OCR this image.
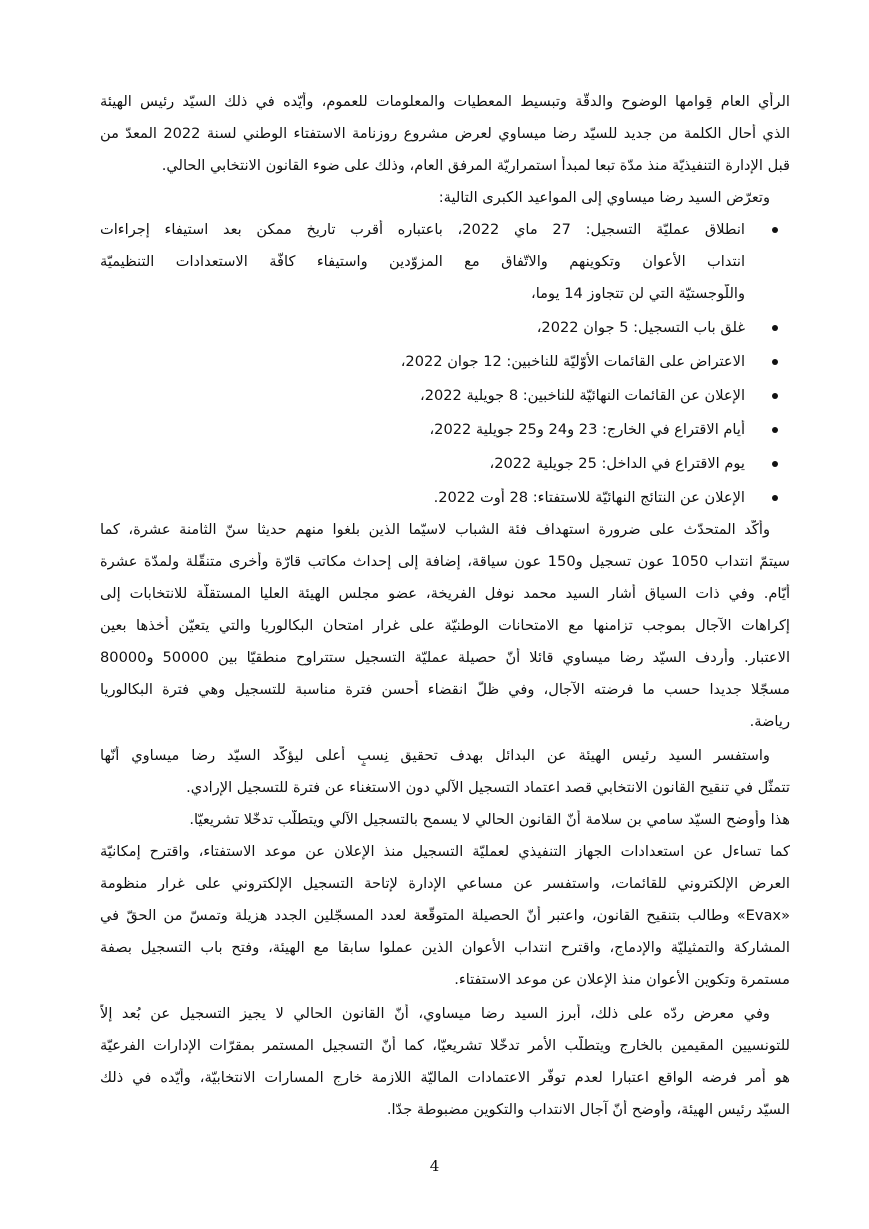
الرأي العام قِوامها الوضوح والدقّة وتبسيط المعطيات والمعلومات للعموم، وأيّده في ذلك السيّد رئيس الهيئة
الذي أحال الكلمة من جديد للسيّد رضا ميساوي لعرض مشروع روزنامة الاستفتاء الوطني لسنة 2022 المعدّ من
قبل الإدارة التنفيذيّة منذ مدّة تبعا لمبدأ استمراريّة المرفق العام، وذلك على ضوء القانون الانتخابي الحالي.
وتعرّض السيد رضا ميساوي إلى المواعيد الكبرى التالية:
انطلاق عمليّة التسجيل: 27 ماي 2022، باعتباره أقرب تاريخ ممكن بعد استيفاء إجراءات
انتداب الأعوان وتكوينهم والاتّفاق مع المزوّدين واستيفاء كافّة الاستعدادات التنظيميّة
واللّوجستيّة التي لن تتجاوز 14 يوما،
غلق باب التسجيل: 5 جوان 2022،
الاعتراض على القائمات الأوّليّة للناخبين: 12 جوان 2022،
الإعلان عن القائمات النهائيّة للناخبين: 8 جويلية 2022،
أيام الاقتراع في الخارج: 23 و24 و25 جويلية 2022،
يوم الاقتراع في الداخل: 25 جويلية 2022،
الإعلان عن النتائج النهائيّة للاستفتاء: 28 أوت 2022.
وأكّد المتحدّث على ضرورة استهداف فئة الشباب لاسيّما الذين بلغوا منهم حديثا سنّ الثامنة عشرة، كما
سيتمّ انتداب 1050 عون تسجيل و150 عون سياقة، إضافة إلى إحداث مكاتب قارّة وأخرى متنقّلة ولمدّة عشرة
أيّام. وفي ذات السياق أشار السيد محمد نوفل الفريخة، عضو مجلس الهيئة العليا المستقلّة للانتخابات إلى
إكراهات الآجال بموجب تزامنها مع الامتحانات الوطنيّة على غرار امتحان البكالوريا والتي يتعيّن أخذها بعين
الاعتبار. وأردف السيّد رضا ميساوي قائلا أنّ حصيلة عمليّة التسجيل ستتراوح منطقيّا بين 50000 و80000
مسجّلا جديدا حسب ما فرضته الآجال، وفي ظلّ انقضاء أحسن فترة مناسبة للتسجيل وهي فترة البكالوريا
رياضة.
واستفسر السيد رئيس الهيئة عن البدائل بهدف تحقيق نِسبٍ أعلى ليؤكّد السيّد رضا ميساوي أنّها
تتمثّل في تنقيح القانون الانتخابي قصد اعتماد التسجيل الآلي دون الاستغناء عن فترة للتسجيل الإرادي.
هذا وأوضح السيّد سامي بن سلامة أنّ القانون الحالي لا يسمح بالتسجيل الآلي ويتطلّب تدخّلا تشريعيّا.
كما تساءل عن استعدادات الجهاز التنفيذي لعمليّة التسجيل منذ الإعلان عن موعد الاستفتاء، واقترح إمكانيّة
العرض الإلكتروني للقائمات، واستفسر عن مساعي الإدارة لإتاحة التسجيل الإلكتروني على غرار منظومة
«Evax» وطالب بتنقيح القانون، واعتبر أنّ الحصيلة المتوقّعة لعدد المسجّلين الجدد هزيلة وتمسّ من الحقّ في
المشاركة والتمثيليّة والإدماج، واقترح انتداب الأعوان الذين عملوا سابقا مع الهيئة، وفتح باب التسجيل بصفة
مستمرة وتكوين الأعوان منذ الإعلان عن موعد الاستفتاء.
وفي معرض ردّه على ذلك، أبرز السيد رضا ميساوي، أنّ القانون الحالي لا يجيز التسجيل عن بُعد إلاّ
للتونسيين المقيمين بالخارج ويتطلّب الأمر تدخّلا تشريعيّا، كما أنّ التسجيل المستمر بمقرّات الإدارات الفرعيّة
هو أمر فرضه الواقع اعتبارا لعدم توفّر الاعتمادات الماليّة اللازمة خارج المسارات الانتخابيّة، وأيّده في ذلك
السيّد رئيس الهيئة، وأوضح أنّ آجال الانتداب والتكوين مضبوطة جدّا.
4
